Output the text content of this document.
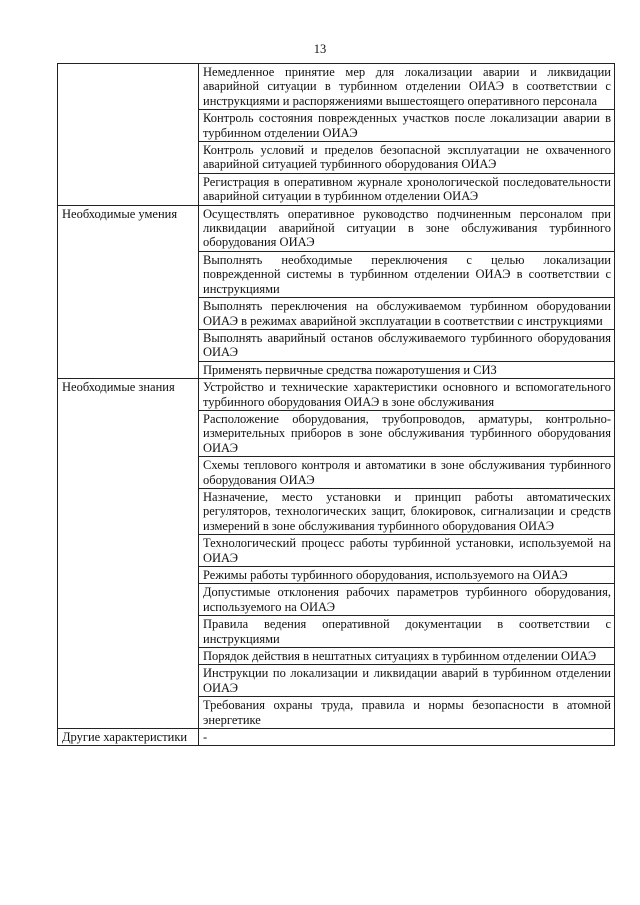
13
	Немедленное принятие мер для локализации аварии и ликвидации аварийной ситуации в турбинном отделении ОИАЭ в соответствии с инструкциями и распоряжениями вышестоящего оперативного персонала
	Контроль состояния поврежденных участков после локализации аварии в турбинном отделении ОИАЭ
	Контроль условий и пределов безопасной эксплуатации не охваченного аварийной ситуацией турбинного оборудования ОИАЭ
	Регистрация в оперативном журнале хронологической последовательности аварийной ситуации в турбинном отделении ОИАЭ
Необходимые умения	Осуществлять оперативное руководство подчиненным персоналом при ликвидации аварийной ситуации в зоне обслуживания турбинного оборудования ОИАЭ
	Выполнять необходимые переключения с целью локализации поврежденной системы в турбинном отделении ОИАЭ в соответствии с инструкциями
	Выполнять переключения на обслуживаемом турбинном оборудовании ОИАЭ в режимах аварийной эксплуатации в соответствии с инструкциями
	Выполнять аварийный останов обслуживаемого турбинного оборудования ОИАЭ
	Применять первичные средства пожаротушения и СИЗ
Необходимые знания	Устройство и технические характеристики основного и вспомогательного турбинного оборудования ОИАЭ в зоне обслуживания
	Расположение оборудования, трубопроводов, арматуры, контрольно-измерительных приборов в зоне обслуживания турбинного оборудования ОИАЭ
	Схемы теплового контроля и автоматики в зоне обслуживания турбинного оборудования ОИАЭ
	Назначение, место установки и принцип работы автоматических регуляторов, технологических защит, блокировок, сигнализации и средств измерений в зоне обслуживания турбинного оборудования ОИАЭ
	Технологический процесс работы турбинной установки, используемой на ОИАЭ
	Режимы работы турбинного оборудования, используемого на ОИАЭ
	Допустимые отклонения рабочих параметров турбинного оборудования, используемого на ОИАЭ
	Правила ведения оперативной документации в соответствии с инструкциями
	Порядок действия в нештатных ситуациях в турбинном отделении ОИАЭ
	Инструкции по локализации и ликвидации аварий в турбинном отделении ОИАЭ
	Требования охраны труда, правила и нормы безопасности в атомной энергетике
Другие характеристики	-
